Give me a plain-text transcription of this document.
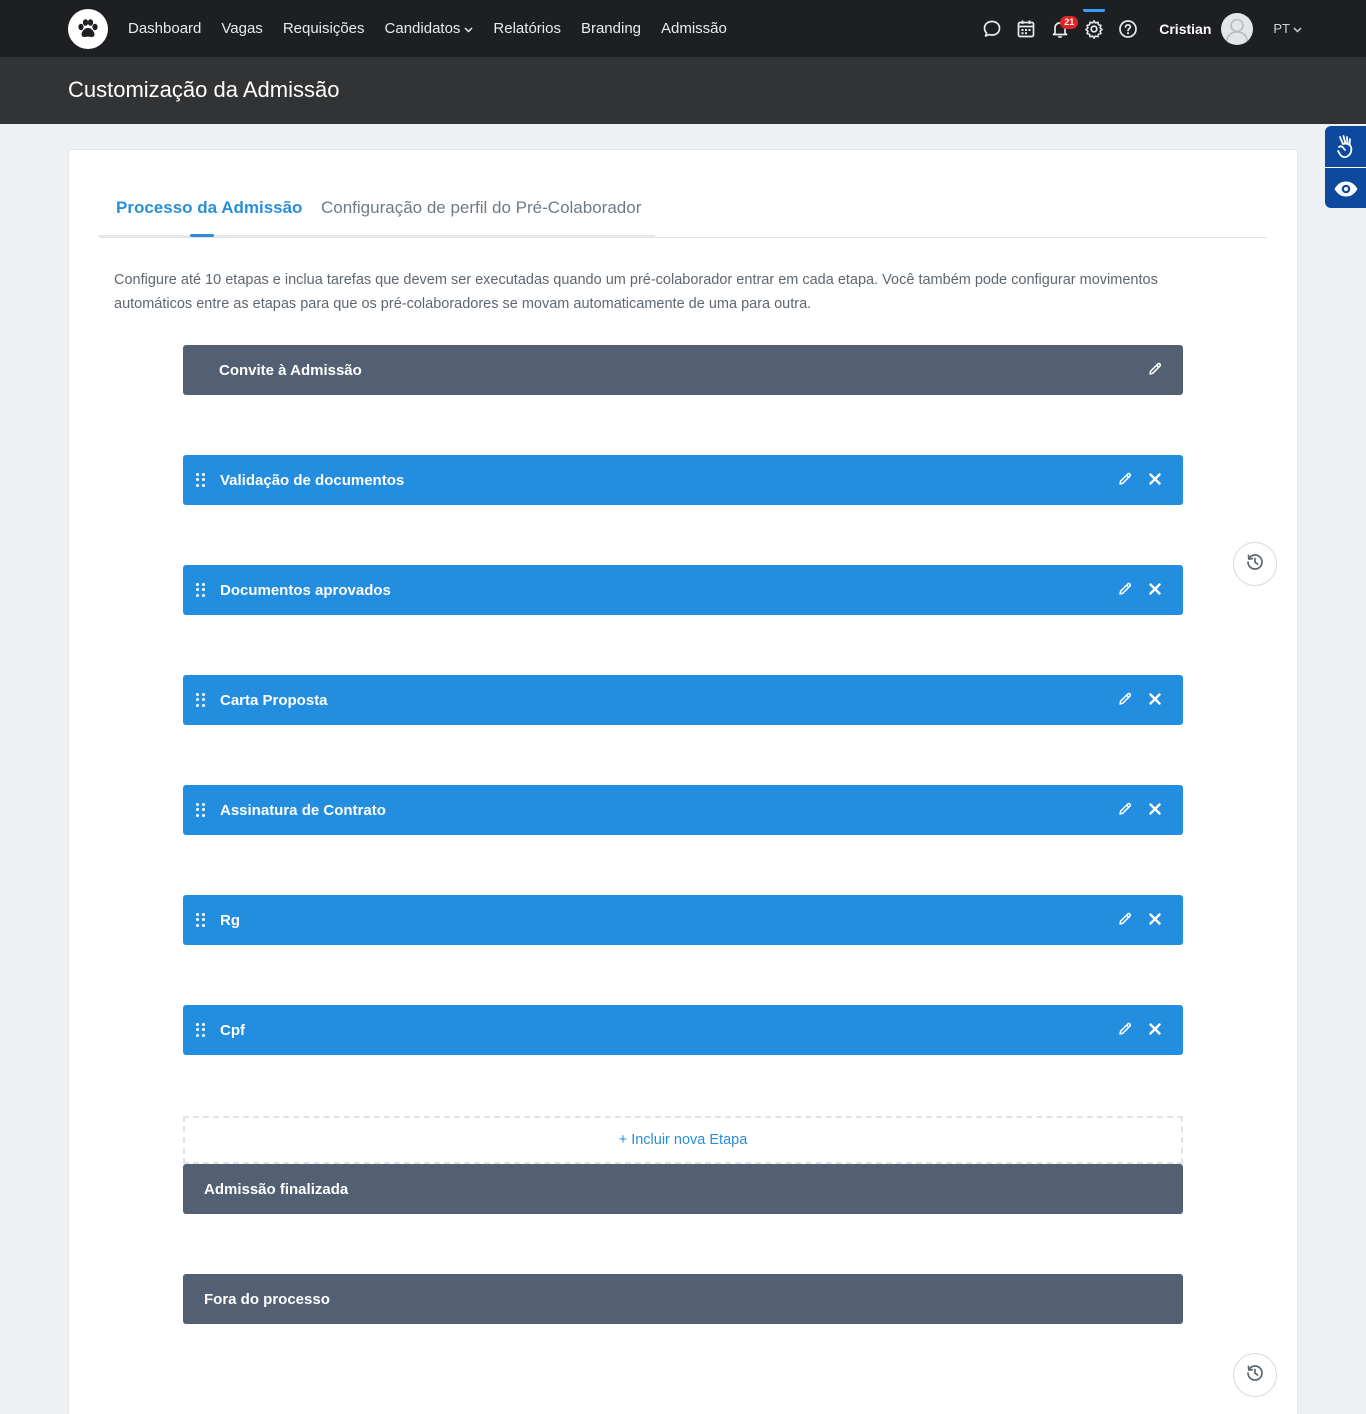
Dashboard Vagas Requisições Candidatos Relatórios Branding Admissão	21	Cristian	PT
Customização da Admissão
Processo da Admissão Configuração de perfil do Pré-Colaborador

Configure até 10 etapas e inclua tarefas que devem ser executadas quando um pré-colaborador entrar em cada etapa. Você também pode configurar movimentos automáticos entre as etapas para que os pré-colaboradores se movam automaticamente de uma para outra.

Convite à Admissão
Validação de documentos
Documentos aprovados
Carta Proposta
Assinatura de Contrato
Rg
Cpf
+ Incluir nova Etapa
Admissão finalizada
Fora do processo
